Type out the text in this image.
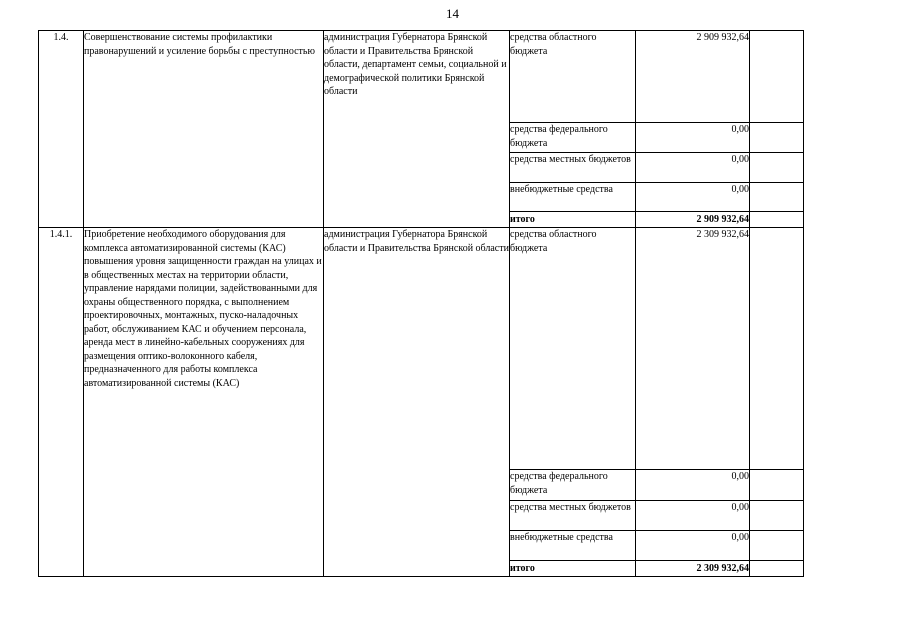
14
1.4.	Совершенствование системы профилактики правонарушений и усиление борьбы с преступностью	администрация Губернатора Брянской области и Правительства Брянской области, департамент семьи, социальной и демографической политики Брянской области	средства областного бюджета	2 909 932,64	
			средства федерального бюджета	0,00	
			средства местных бюджетов	0,00	
			внебюджетные средства	0,00	
			итого	2 909 932,64	
1.4.1.	Приобретение необходимого оборудования для комплекса автоматизированной системы (КАС) повышения уровня защищенности граждан на улицах и в общественных местах на территории области, управление нарядами полиции, задействованными для охраны общественного порядка, с выполнением проектировочных, монтажных, пуско-наладочных работ, обслуживанием КАС и обучением персонала, аренда мест в линейно-кабельных сооружениях для размещения оптико-волоконного кабеля, предназначенного для работы комплекса автоматизированной системы (КАС)	администрация Губернатора Брянской области и Правительства Брянской области	средства областного бюджета	2 309 932,64	
			средства федерального бюджета	0,00	
			средства местных бюджетов	0,00	
			внебюджетные средства	0,00	
			итого	2 309 932,64	
